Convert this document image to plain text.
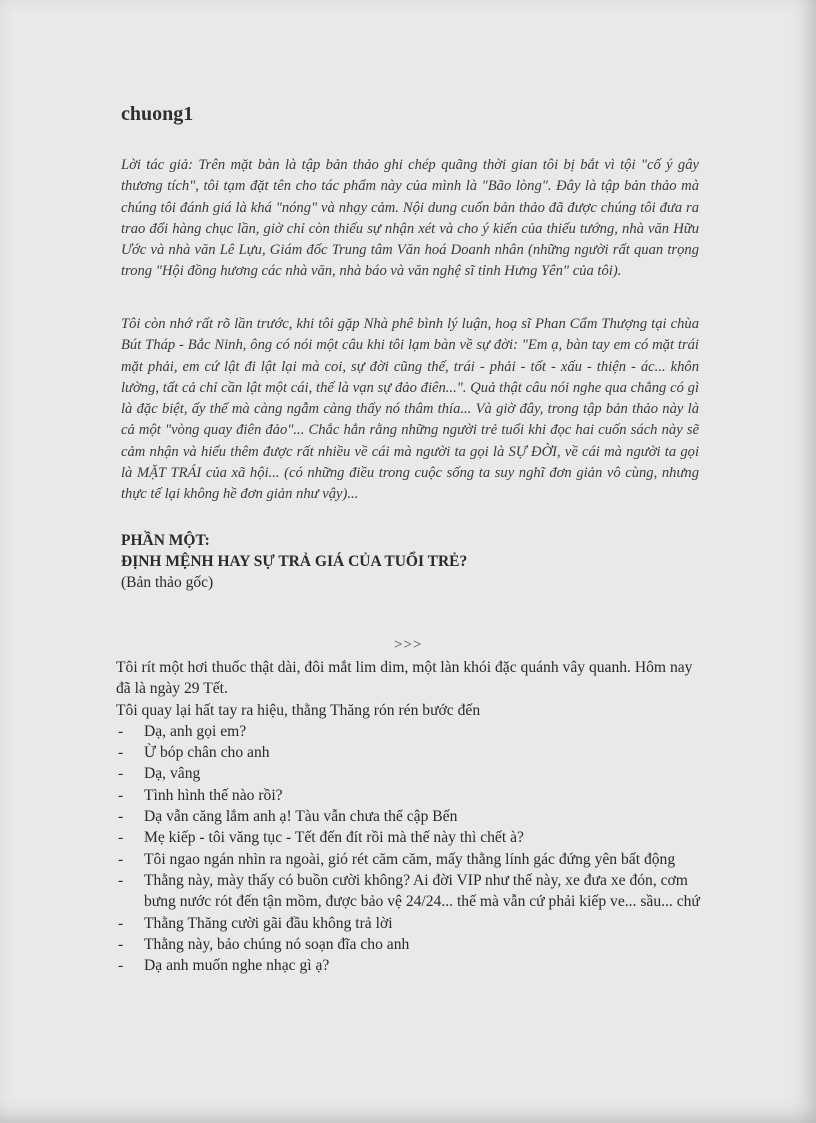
chuong1
Lời tác giả: Trên mặt bàn là tập bản thảo ghi chép quãng thời gian tôi bị bắt vì tội "cố ý gây thương tích", tôi tạm đặt tên cho tác phẩm này của mình là "Bão lòng". Đây là tập bản thảo mà chúng tôi đánh giá là khá "nóng" và nhạy cảm. Nội dung cuốn bản thảo đã được chúng tôi đưa ra trao đổi hàng chục lần, giờ chỉ còn thiếu sự nhận xét và cho ý kiến của thiếu tướng, nhà văn Hữu Ước và nhà văn Lê Lựu, Giám đốc Trung tâm Văn hoá Doanh nhân (những người rất quan trọng trong "Hội đồng hương các nhà văn, nhà báo và văn nghệ sĩ tỉnh Hưng Yên" của tôi).
Tôi còn nhớ rất rõ lần trước, khi tôi gặp Nhà phê bình lý luận, hoạ sĩ Phan Cẩm Thượng tại chùa Bút Tháp - Bắc Ninh, ông có nói một câu khi tôi lạm bàn về sự đời: "Em ạ, bàn tay em có mặt trái mặt phải, em cứ lật đi lật lại mà coi, sự đời cũng thế, trái - phải - tốt - xấu - thiện - ác... khôn lường, tất cả chỉ cần lật một cái, thế là vạn sự đảo điên...". Quả thật câu nói nghe qua chẳng có gì là đặc biệt, ấy thế mà càng ngẫm càng thấy nó thâm thía... Và giờ đây, trong tập bản thảo này là cả một "vòng quay điên đảo"... Chắc hẳn rằng những người trẻ tuổi khi đọc hai cuốn sách này sẽ cảm nhận và hiểu thêm được rất nhiều về cái mà người ta gọi là SỰ ĐỜI, về cái mà người ta gọi là MẶT TRÁI của xã hội... (có những điều trong cuộc sống ta suy nghĩ đơn giản vô cùng, nhưng thực tế lại không hề đơn giản như vậy)...
PHẦN MỘT:
ĐỊNH MỆNH HAY SỰ TRẢ GIÁ CỦA TUỔI TRẺ?
(Bản thảo gốc)
>>>

Tôi rít một hơi thuốc thật dài, đôi mắt lim dim, một làn khói đặc quánh vây quanh. Hôm nay đã là ngày 29 Tết.

Tôi quay lại hất tay ra hiệu, thằng Thăng rón rén bước đến

- Dạ, anh gọi em?
- Ừ bóp chân cho anh
- Dạ, vâng
- Tình hình thế nào rồi?
- Dạ vẫn căng lắm anh ạ! Tàu vẫn chưa thể cập Bến
- Mẹ kiếp - tôi văng tục - Tết đến đít rồi mà thế này thì chết à?
- Tôi ngao ngán nhìn ra ngoài, gió rét căm căm, mấy thằng lính gác đứng yên bất động
- Thằng này, mày thấy có buồn cười không? Ai đời VIP như thế này, xe đưa xe đón, cơm bưng nước rót đến tận mồm, được bảo vệ 24/24... thế mà vẫn cứ phải kiếp ve... sầu... chứ
- Thằng Thăng cười gãi đầu không trả lời
- Thằng này, bảo chúng nó soạn đĩa cho anh
- Dạ anh muốn nghe nhạc gì ạ?
